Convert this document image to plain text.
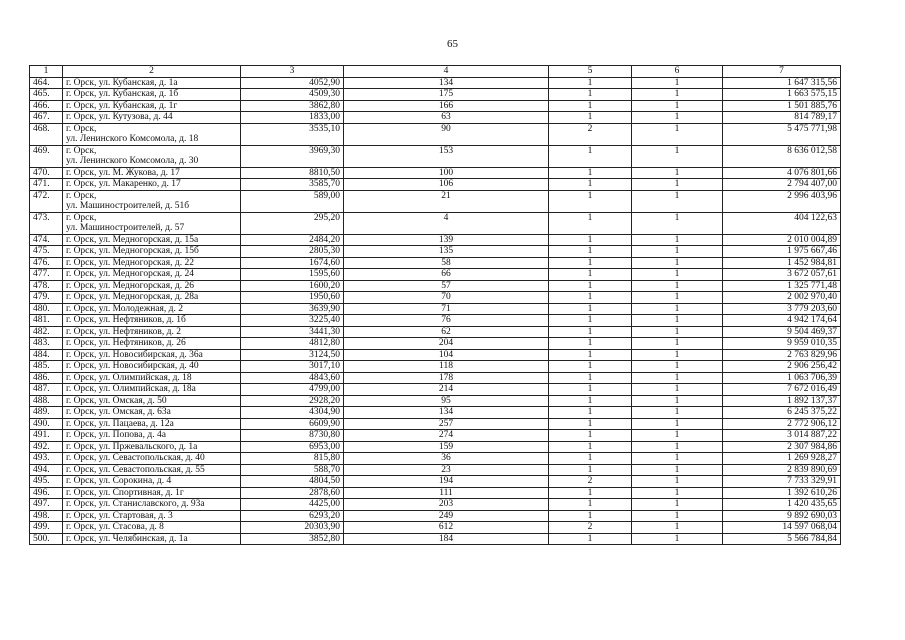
65
1	2	3	4	5	6	7
464.	г. Орск, ул. Кубанская, д. 1а	4052,90	134	1	1	1 647 315,56
465.	г. Орск, ул. Кубанская, д. 1б	4509,30	175	1	1	1 663 575,15
466.	г. Орск, ул. Кубанская, д. 1г	3862,80	166	1	1	1 501 885,76
467.	г. Орск, ул. Кутузова, д. 44	1833,00	63	1	1	814 789,17
468.	г. Орск,
ул. Ленинского Комсомола, д. 18	3535,10	90	2	1	5 475 771,98
469.	г. Орск,
ул. Ленинского Комсомола, д. 30	3969,30	153	1	1	8 636 012,58
470.	г. Орск, ул. М. Жукова, д. 17	8810,50	100	1	1	4 076 801,66
471.	г. Орск, ул. Макаренко, д. 17	3585,70	106	1	1	2 794 407,00
472.	г. Орск,
ул. Машиностроителей, д. 51б	589,00	21	1	1	2 996 403,96
473.	г. Орск,
ул. Машиностроителей, д. 57	295,20	4	1	1	404 122,63
474.	г. Орск, ул. Медногорская, д. 15а	2484,20	139	1	1	2 010 004,89
475.	г. Орск, ул. Медногорская, д. 15б	2805,30	135	1	1	1 975 667,46
476.	г. Орск, ул. Медногорская, д. 22	1674,60	58	1	1	1 452 984,81
477.	г. Орск, ул. Медногорская, д. 24	1595,60	66	1	1	3 672 057,61
478.	г. Орск, ул. Медногорская, д. 26	1600,20	57	1	1	1 325 771,48
479.	г. Орск, ул. Медногорская, д. 28а	1950,60	70	1	1	2 002 970,40
480.	г. Орск, ул. Молодежная, д. 2	3639,90	71	1	1	3 779 203,60
481.	г. Орск, ул. Нефтяников, д. 1б	3225,40	76	1	1	4 942 174,64
482.	г. Орск, ул. Нефтяников, д. 2	3441,30	62	1	1	9 504 469,37
483.	г. Орск, ул. Нефтяников, д. 26	4812,80	204	1	1	9 959 010,35
484.	г. Орск, ул. Новосибирская, д. 36а	3124,50	104	1	1	2 763 829,96
485.	г. Орск, ул. Новосибирская, д. 40	3017,10	118	1	1	2 906 256,42
486.	г. Орск, ул. Олимпийская, д. 18	4843,60	178	1	1	1 063 706,39
487.	г. Орск, ул. Олимпийская, д. 18а	4799,00	214	1	1	7 672 016,49
488.	г. Орск, ул. Омская, д. 50	2928,20	95	1	1	1 892 137,37
489.	г. Орск, ул. Омская, д. 63а	4304,90	134	1	1	6 245 375,22
490.	г. Орск, ул. Пацаева, д. 12а	6609,90	257	1	1	2 772 906,12
491.	г. Орск, ул. Попова, д. 4а	8730,80	274	1	1	3 014 887,22
492.	г. Орск, ул. Пржевальского, д. 1а	6953,00	159	1	1	2 307 984,86
493.	г. Орск, ул. Севастопольская, д. 40	815,80	36	1	1	1 269 928,27
494.	г. Орск, ул. Севастопольская, д. 55	588,70	23	1	1	2 839 890,69
495.	г. Орск, ул. Сорокина, д. 4	4804,50	194	2	1	7 733 329,91
496.	г. Орск, ул. Спортивная, д. 1г	2878,60	111	1	1	1 392 610,26
497.	г. Орск, ул. Станиславского, д. 93а	4425,00	203	1	1	1 420 435,65
498.	г. Орск, ул. Стартовая, д. 3	6293,20	249	1	1	9 892 690,03
499.	г. Орск, ул. Стасова, д. 8	20303,90	612	2	1	14 597 068,04
500.	г. Орск, ул. Челябинская, д. 1а	3852,80	184	1	1	5 566 784,84
